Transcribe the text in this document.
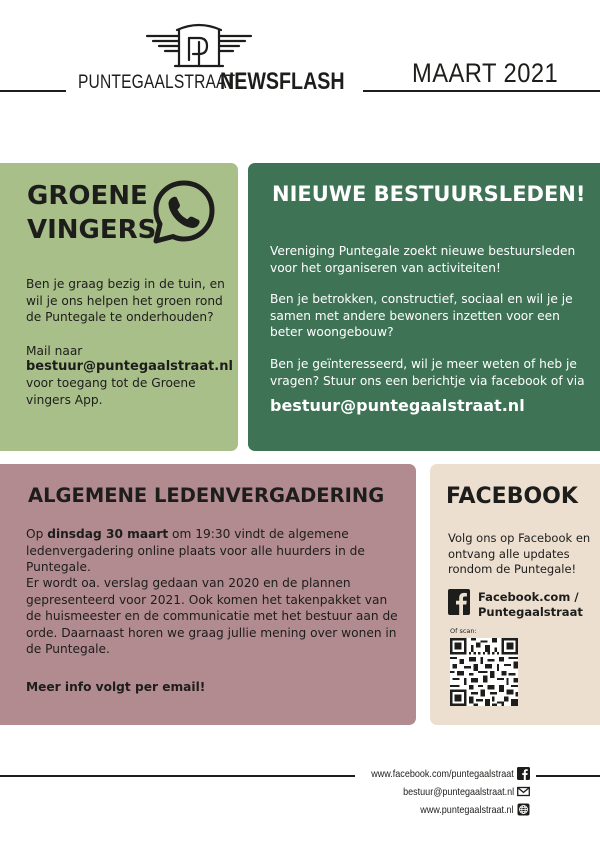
PUNTEGAALSTRAAT
NEWSFLASH MAART 2021
GROENE
VINGERS
Ben je graag bezig in de tuin, en wil je ons helpen het groen rond de Puntegale te onderhouden?
Mail naar
bestuur@puntegaalstraat.nl
voor toegang tot de Groene vingers App.
NIEUWE BESTUURSLEDEN!
Vereniging Puntegale zoekt nieuwe bestuursleden voor het organiseren van activiteiten!
Ben je betrokken, constructief, sociaal en wil je je samen met andere bewoners inzetten voor een beter woongebouw?
Ben je geïnteresseerd, wil je meer weten of heb je vragen? Stuur ons een berichtje via facebook of via
bestuur@puntegaalstraat.nl
ALGEMENE LEDENVERGADERING
Op dinsdag 30 maart om 19:30 vindt de algemene ledenvergadering online plaats voor alle huurders in de Puntegale.
Er wordt oa. verslag gedaan van 2020 en de plannen gepresenteerd voor 2021. Ook komen het takenpakket van de huismeester en de communicatie met het bestuur aan de orde. Daarnaast horen we graag jullie mening over wonen in de Puntegale.
Meer info volgt per email!
FACEBOOK
Volg ons op Facebook en ontvang alle updates rondom de Puntegale!
Facebook.com /
Puntegaalstraat
Of scan:
www.facebook.com/puntegaalstraat
bestuur@puntegaalstraat.nl
www.puntegaalstraat.nl
